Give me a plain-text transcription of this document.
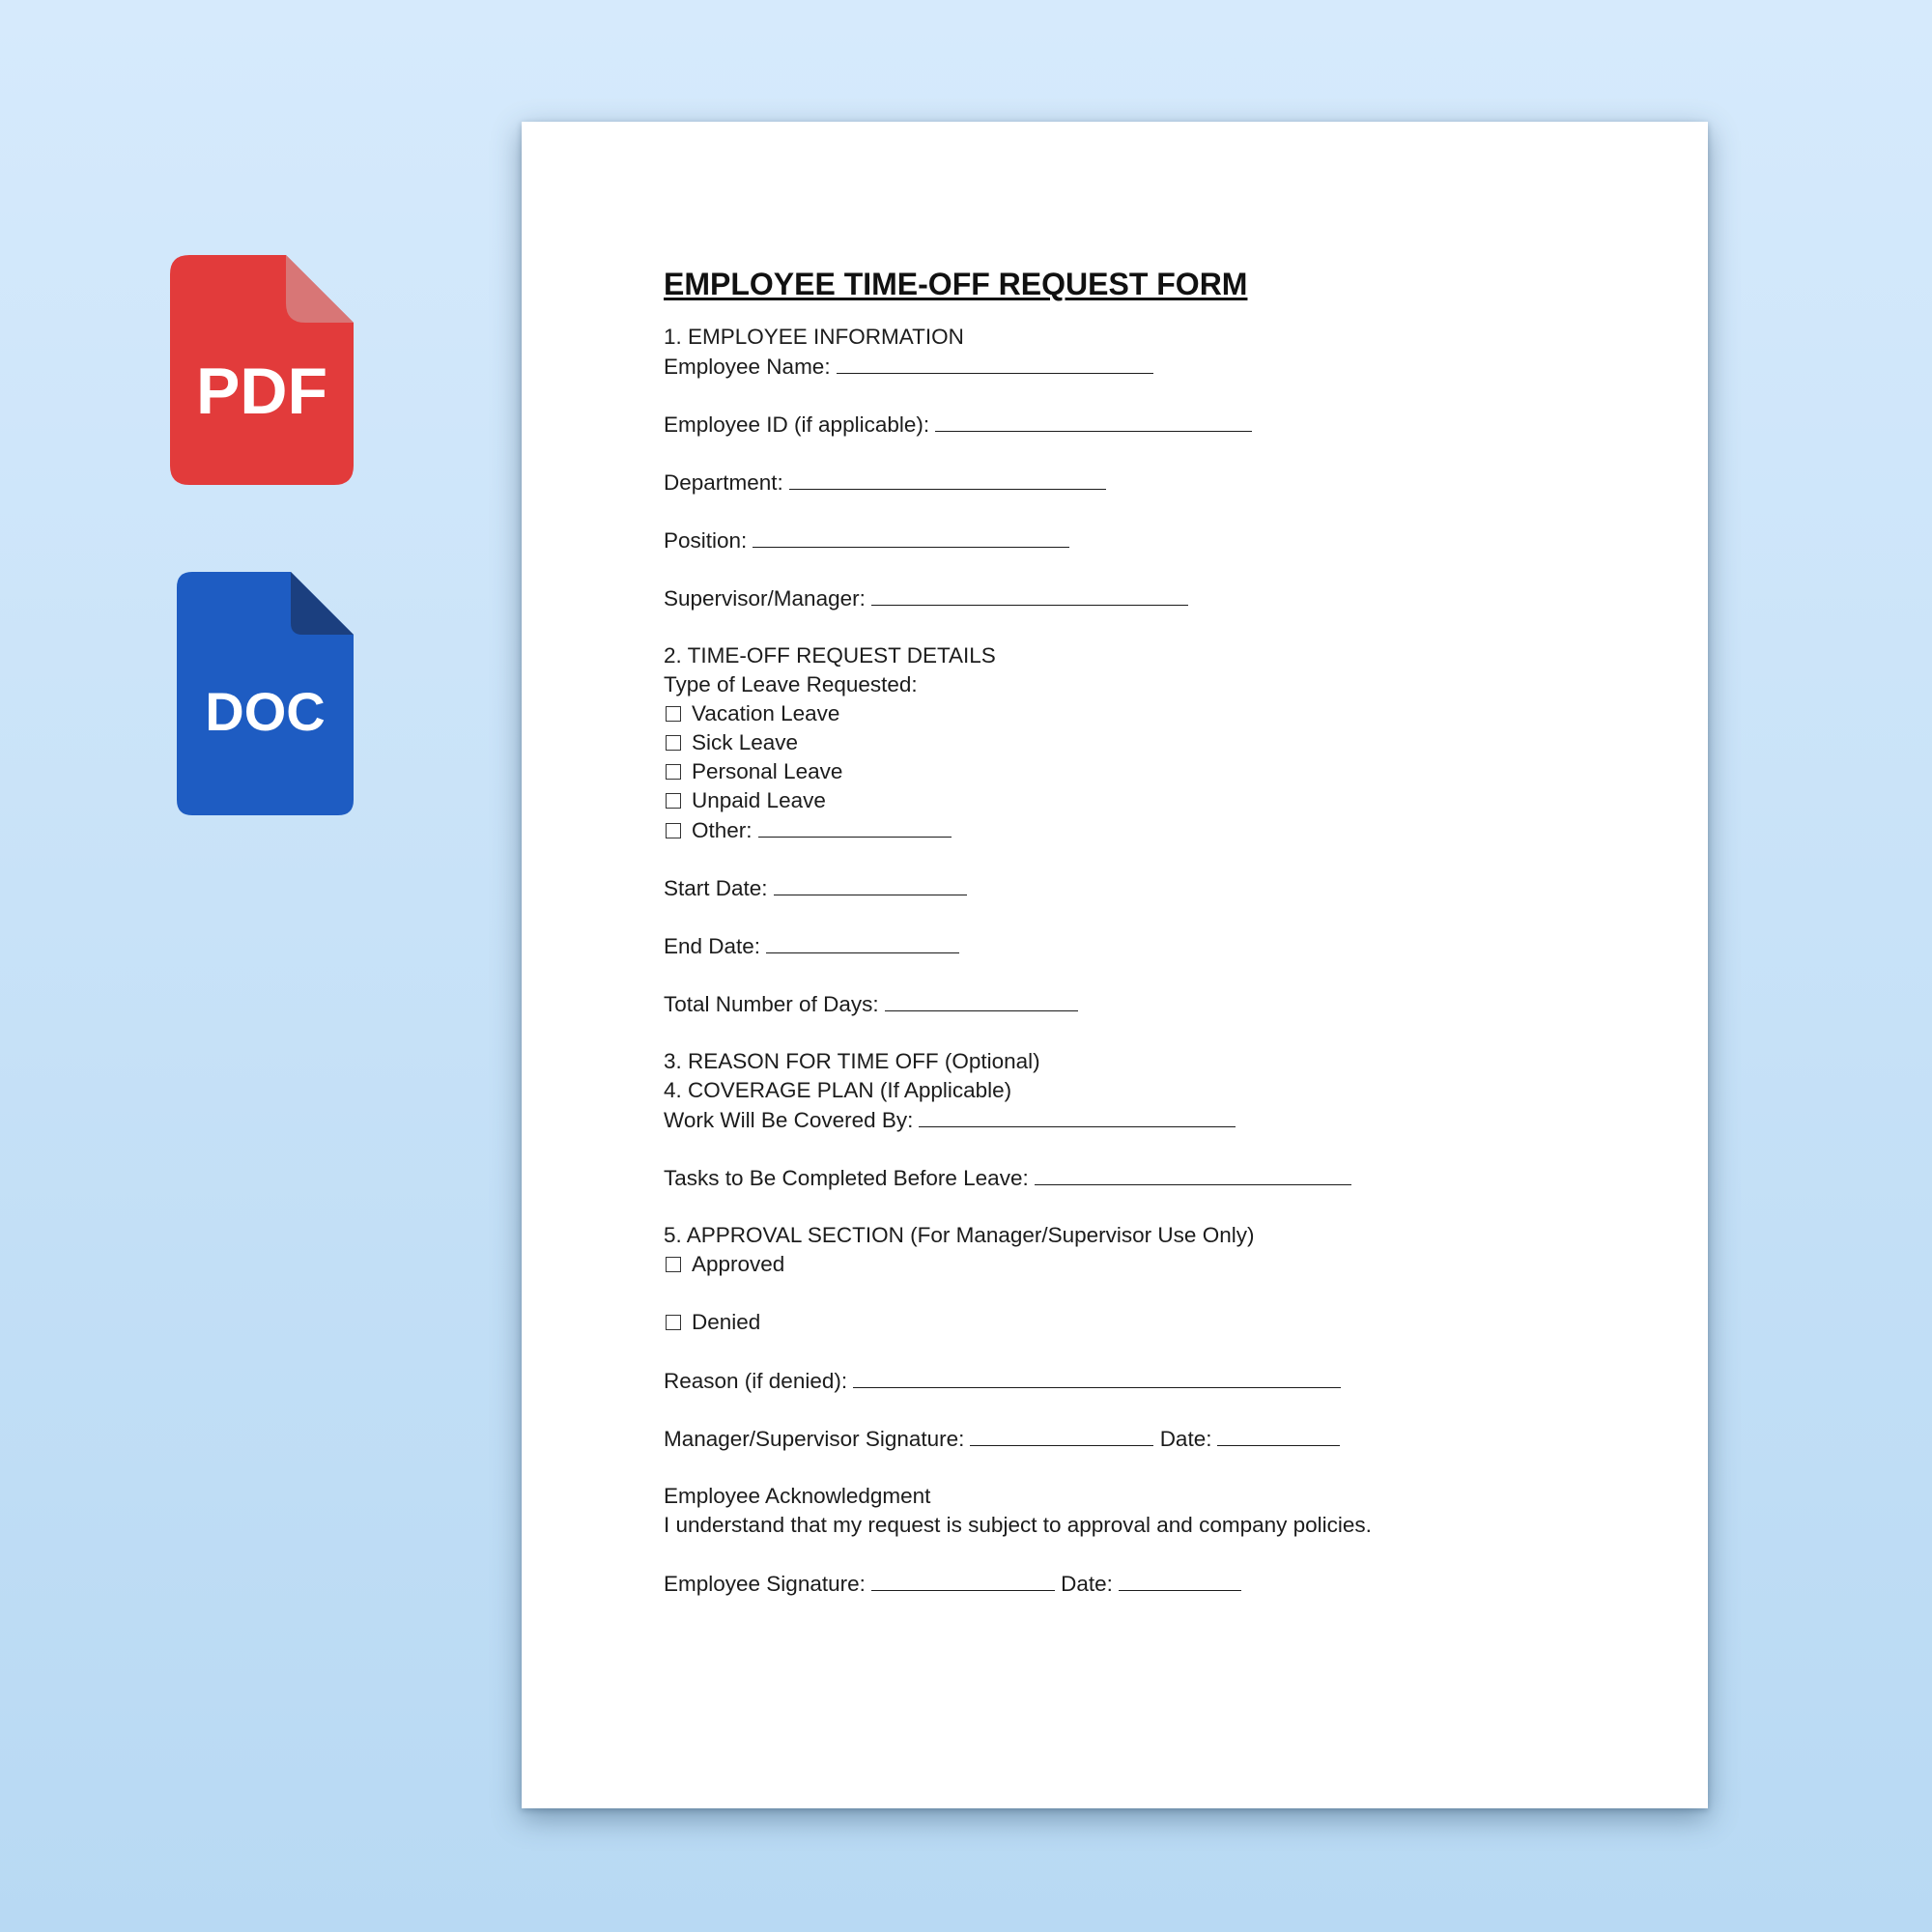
PDF
DOC
EMPLOYEE TIME-OFF REQUEST FORM
1. EMPLOYEE INFORMATION
Employee Name:
Employee ID (if applicable):
Department:
Position:
Supervisor/Manager:
2. TIME-OFF REQUEST DETAILS
Type of Leave Requested:
Vacation Leave
Sick Leave
Personal Leave
Unpaid Leave
Other:
Start Date:
End Date:
Total Number of Days:
3. REASON FOR TIME OFF (Optional)
4. COVERAGE PLAN (If Applicable)
Work Will Be Covered By:
Tasks to Be Completed Before Leave:
5. APPROVAL SECTION (For Manager/Supervisor Use Only)
Approved
Denied
Reason (if denied):
Manager/Supervisor Signature:	Date:
Employee Acknowledgment
I understand that my request is subject to approval and company policies.
Employee Signature:	Date:
